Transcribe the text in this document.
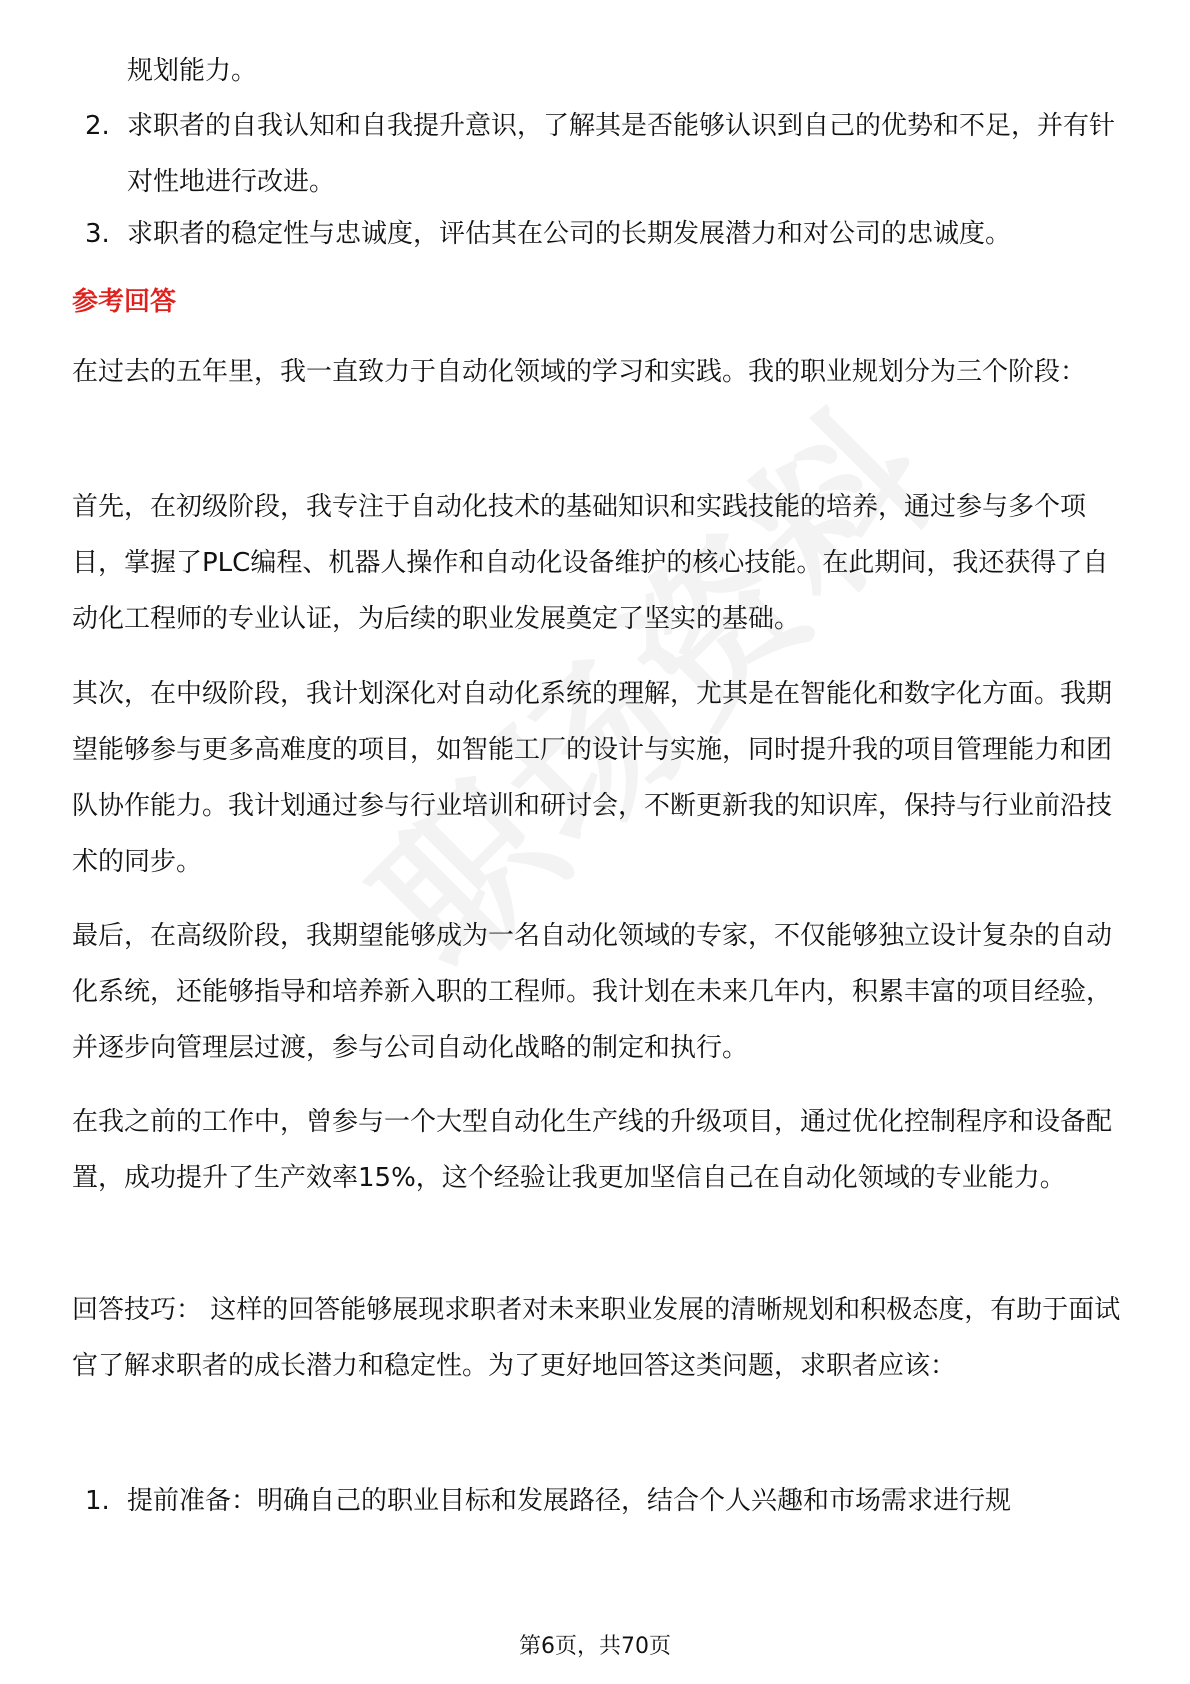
规划能力。

2. 求职者的自我认知和自我提升意识，了解其是否能够认识到自己的优势和不足，并有针对性地进行改进。
3. 求职者的稳定性与忠诚度，评估其在公司的长期发展潜力和对公司的忠诚度。

参考回答

在过去的五年里，我一直致力于自动化领域的学习和实践。我的职业规划分为三个阶段：

首先，在初级阶段，我专注于自动化技术的基础知识和实践技能的培养，通过参与多个项目，掌握了PLC编程、机器人操作和自动化设备维护的核心技能。在此期间，我还获得了自动化工程师的专业认证，为后续的职业发展奠定了坚实的基础。

其次，在中级阶段，我计划深化对自动化系统的理解，尤其是在智能化和数字化方面。我期望能够参与更多高难度的项目，如智能工厂的设计与实施，同时提升我的项目管理能力和团队协作能力。我计划通过参与行业培训和研讨会，不断更新我的知识库，保持与行业前沿技术的同步。

最后，在高级阶段，我期望能够成为一名自动化领域的专家，不仅能够独立设计复杂的自动化系统，还能够指导和培养新入职的工程师。我计划在未来几年内，积累丰富的项目经验，并逐步向管理层过渡，参与公司自动化战略的制定和执行。

在我之前的工作中，曾参与一个大型自动化生产线的升级项目，通过优化控制程序和设备配置，成功提升了生产效率15%，这个经验让我更加坚信自己在自动化领域的专业能力。

回答技巧： 这样的回答能够展现求职者对未来职业发展的清晰规划和积极态度，有助于面试官了解求职者的成长潜力和稳定性。为了更好地回答这类问题，求职者应该：

1. 提前准备：明确自己的职业目标和发展路径，结合个人兴趣和市场需求进行规
第6页，共70页
